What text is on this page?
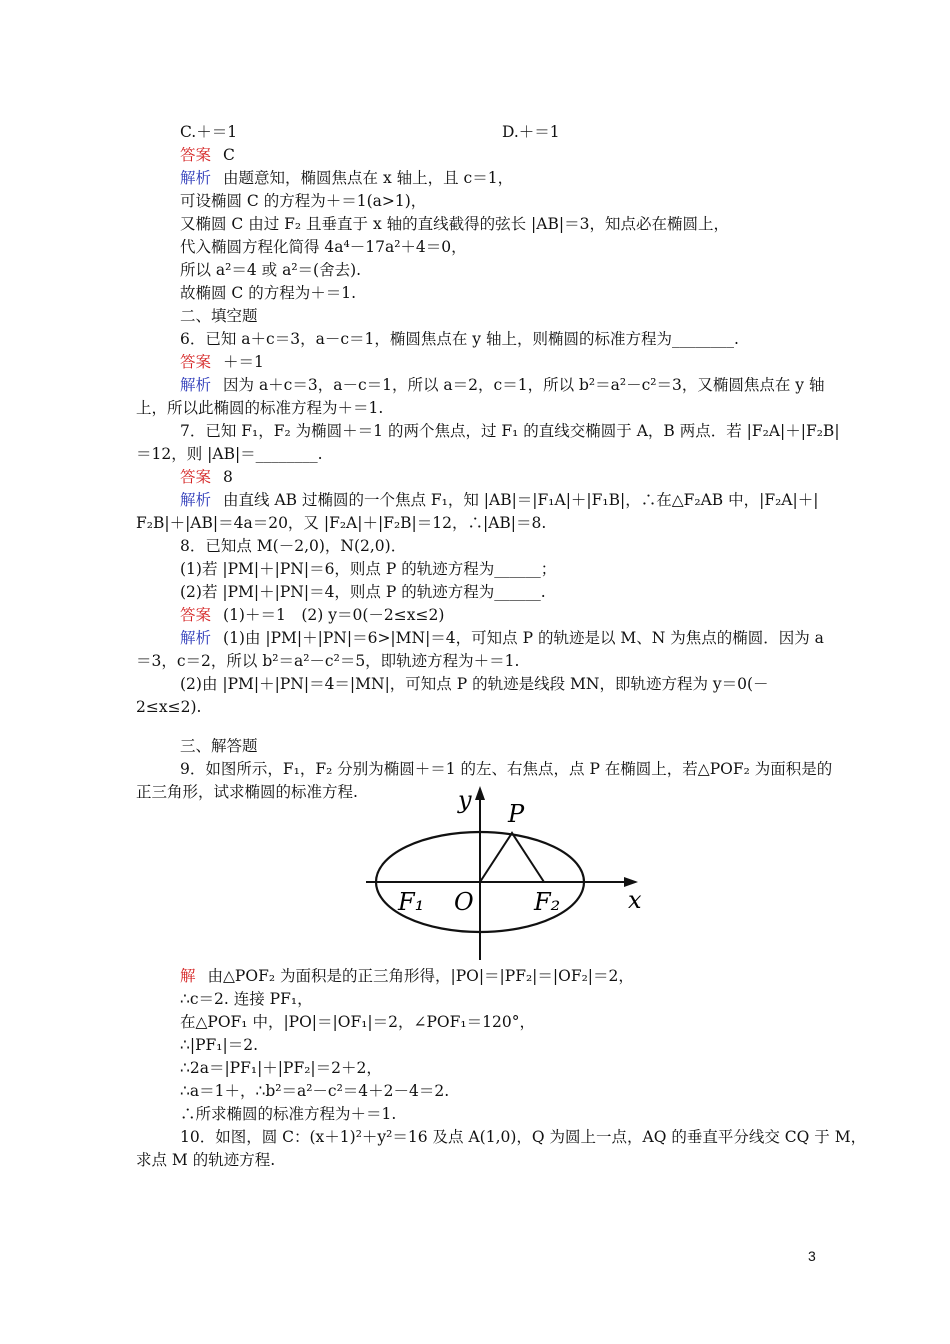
C.＋＝1	D.＋＝1
答案 C
解析 由题意知，椭圆焦点在 x 轴上，且 c＝1，
可设椭圆 C 的方程为＋＝1(a>1)，
又椭圆 C 由过 F₂ 且垂直于 x 轴的直线截得的弦长 |AB|＝3，知点必在椭圆上，
代入椭圆方程化简得 4a⁴－17a²＋4＝0，
所以 a²＝4 或 a²＝(舍去).
故椭圆 C 的方程为＋＝1.
二、填空题
6．已知 a＋c＝3，a－c＝1，椭圆焦点在 y 轴上，则椭圆的标准方程为________.
答案 ＋＝1
解析 因为 a＋c＝3，a－c＝1，所以 a＝2，c＝1，所以 b²＝a²－c²＝3，又椭圆焦点在 y 轴
上，所以此椭圆的标准方程为＋＝1.
7．已知 F₁，F₂ 为椭圆＋＝1 的两个焦点，过 F₁ 的直线交椭圆于 A，B 两点．若 |F₂A|＋|F₂B|
＝12，则 |AB|＝________.
答案 8
解析 由直线 AB 过椭圆的一个焦点 F₁，知 |AB|＝|F₁A|＋|F₁B|，∴在△F₂AB 中，|F₂A|＋|
F₂B|＋|AB|＝4a＝20，又 |F₂A|＋|F₂B|＝12，∴|AB|＝8.
8．已知点 M(－2,0)，N(2,0)．
(1)若 |PM|＋|PN|＝6，则点 P 的轨迹方程为______；
(2)若 |PM|＋|PN|＝4，则点 P 的轨迹方程为______.
答案 (1)＋＝1　(2) y＝0(－2≤x≤2)
解析 (1)由 |PM|＋|PN|＝6>|MN|＝4，可知点 P 的轨迹是以 M、N 为焦点的椭圆．因为 a
＝3，c＝2，所以 b²＝a²－c²＝5，即轨迹方程为＋＝1.
(2)由 |PM|＋|PN|＝4＝|MN|，可知点 P 的轨迹是线段 MN，即轨迹方程为 y＝0(－
2≤x≤2).
三、解答题
9．如图所示，F₁，F₂ 分别为椭圆＋＝1 的左、右焦点，点 P 在椭圆上，若△POF₂ 为面积是的
正三角形，试求椭圆的标准方程.	y
x
P
F₁ O	F₂
解 由△POF₂ 为面积是的正三角形得，|PO|＝|PF₂|＝|OF₂|＝2，
∴c＝2. 连接 PF₁，
在△POF₁ 中，|PO|＝|OF₁|＝2，∠POF₁＝120°，
∴|PF₁|＝2.
∴2a＝|PF₁|＋|PF₂|＝2＋2，
∴a＝1＋，∴b²＝a²－c²＝4＋2－4＝2.
∴所求椭圆的标准方程为＋＝1.
10．如图，圆 C：(x＋1)²＋y²＝16 及点 A(1,0)，Q 为圆上一点，AQ 的垂直平分线交 CQ 于 M，
求点 M 的轨迹方程.
3
